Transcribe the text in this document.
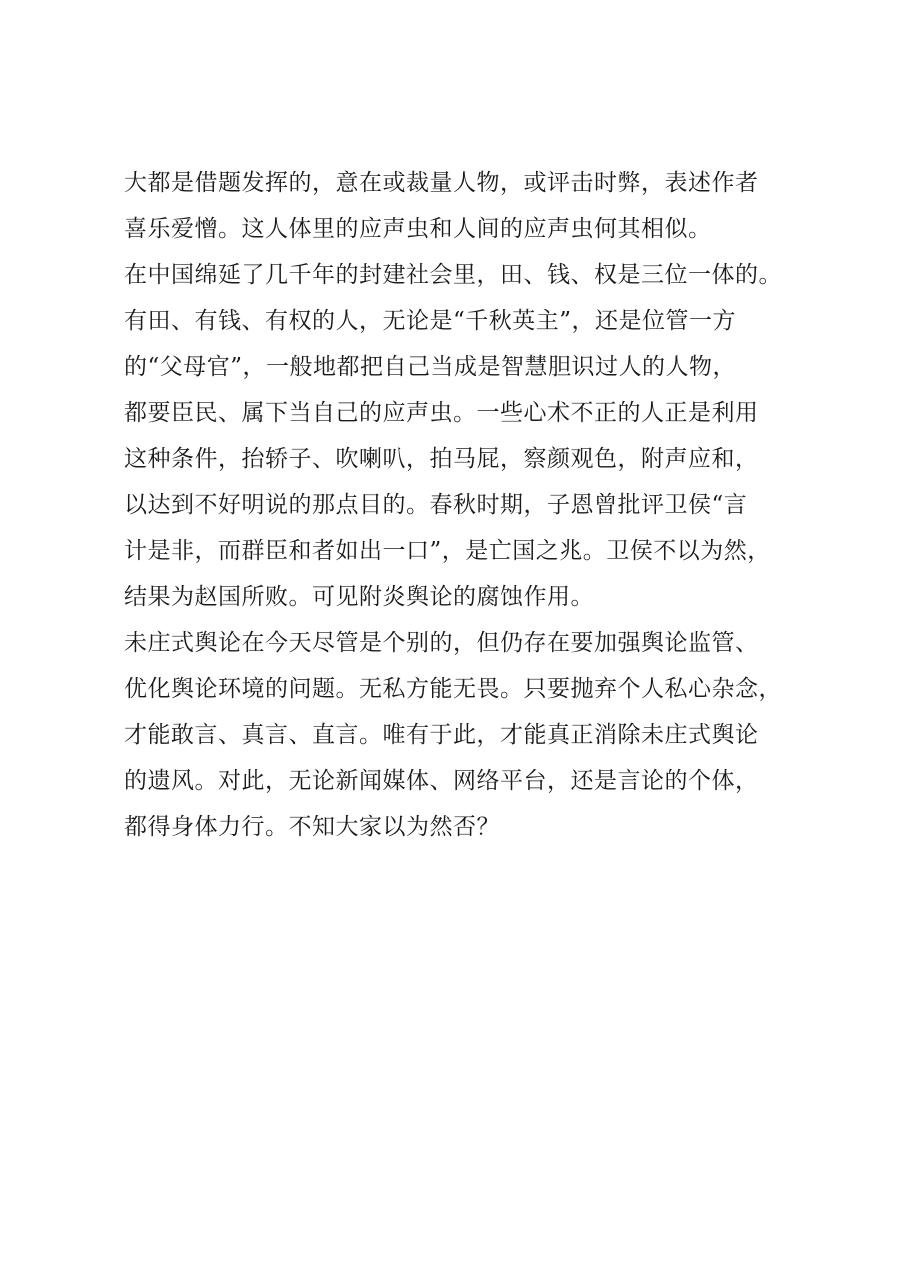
大都是借题发挥的，意在或裁量人物，或评击时弊，表述作者
喜乐爱憎。这人体里的应声虫和人间的应声虫何其相似。
在中国绵延了几千年的封建社会里，田、钱、权是三位一体的。
有田、有钱、有权的人，无论是“千秋英主”，还是位管一方
的“父母官”，一般地都把自己当成是智慧胆识过人的人物，
都要臣民、属下当自己的应声虫。一些心术不正的人正是利用
这种条件，抬轿子、吹喇叭，拍马屁，察颜观色，附声应和，
以达到不好明说的那点目的。春秋时期，子恩曾批评卫侯“言
计是非，而群臣和者如出一口”，是亡国之兆。卫侯不以为然，
结果为赵国所败。可见附炎舆论的腐蚀作用。
未庄式舆论在今天尽管是个别的，但仍存在要加强舆论监管、
优化舆论环境的问题。无私方能无畏。只要抛弃个人私心杂念，
才能敢言、真言、直言。唯有于此，才能真正消除未庄式舆论
的遗风。对此，无论新闻媒体、网络平台，还是言论的个体，
都得身体力行。不知大家以为然否？
